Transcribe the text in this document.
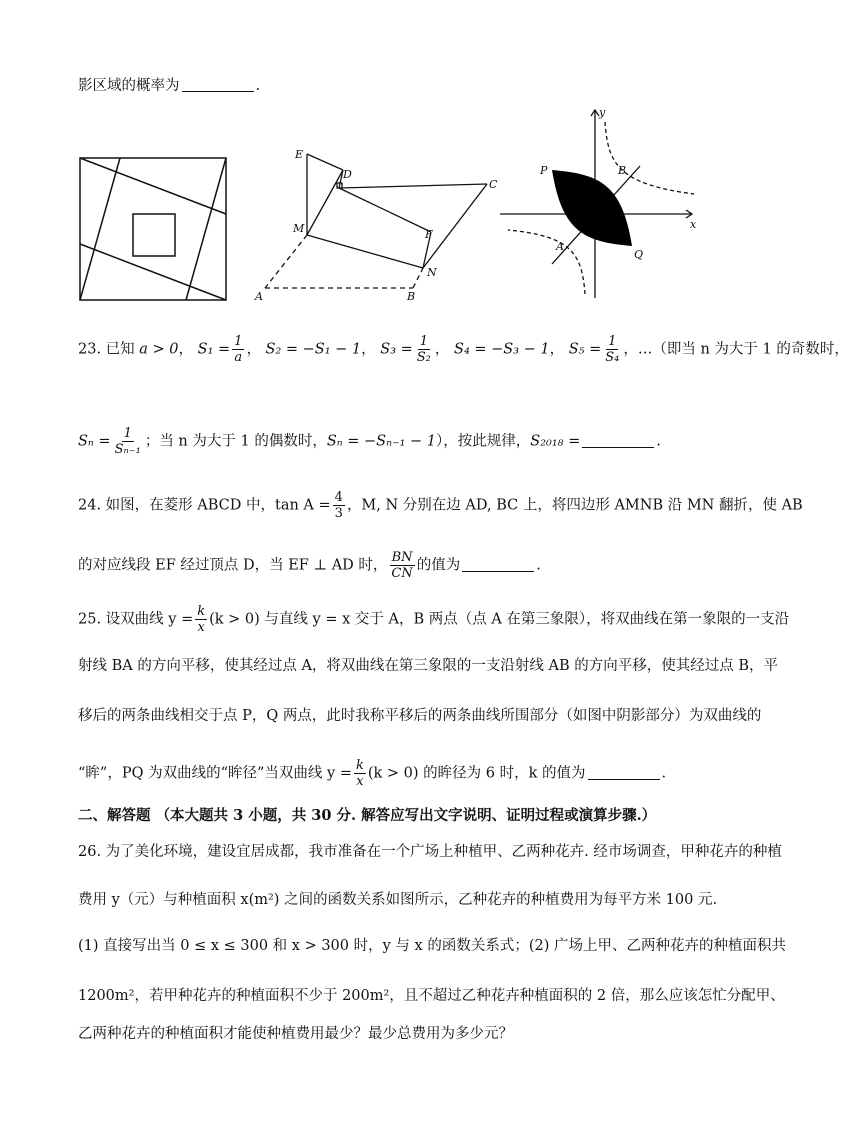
影区域的概率为	.
E
D
C
M	F
N
A	B
y
x
P	B
A
Q
23. 已知 a > 0， $S_1 = \frac{1}{a}$ ， S₂ = −S₁ − 1， $S_3 = \frac{1}{\text{S₂}}$ ， S₄ = −S₃ − 1， $S_5 = \frac{1}{\text{S₄}}$ ，…（即当 n 为大于 1 的奇数时，
$S_n = \frac{1}{\text{Sₙ₋₁}}$ ；当 n 为大于 1 的偶数时，Sₙ = −Sₙ₋₁ − 1），按此规律，S₂₀₁₈ =	.
24. 如图，在菱形 ABCD 中，$\tan A = \frac{4}{3}$ ，M, N 分别在边 AD, BC 上，将四边形 AMNB 沿 MN 翻折，使 AB
的对应线段 EF 经过顶点 D，当 EF ⊥ AD 时， $\frac{BN}{CN}$ 的值为	.
25. 设双曲线 $y = \frac{k}{x} (k > 0)$ 与直线 y = x 交于 A，B 两点（点 A 在第三象限），将双曲线在第一象限的一支沿
射线 BA 的方向平移，使其经过点 A，将双曲线在第三象限的一支沿射线 AB 的方向平移，使其经过点 B，平
移后的两条曲线相交于点 P，Q 两点，此时我称平移后的两条曲线所围部分（如图中阴影部分）为双曲线的
“眸”，PQ 为双曲线的“眸径”当双曲线 $y = \frac{k}{x} (k > 0)$ 的眸径为 6 时，k 的值为	.
二、解答题 （本大题共 3 小题，共 30 分. 解答应写出文字说明、证明过程或演算步骤.）
26. 为了美化环境，建设宜居成都，我市准备在一个广场上种植甲、乙两种花卉. 经市场调查，甲种花卉的种植
费用 y（元）与种植面积 x(m²) 之间的函数关系如图所示，乙种花卉的种植费用为每平方米 100 元.
(1) 直接写出当 0 ≤ x ≤ 300 和 x > 300 时，y 与 x 的函数关系式；(2) 广场上甲、乙两种花卉的种植面积共
1200m²，若甲种花卉的种植面积不少于 200m²，且不超过乙种花卉种植面积的 2 倍，那么应该怎忙分配甲、
乙两种花卉的种植面积才能使种植费用最少？最少总费用为多少元？
